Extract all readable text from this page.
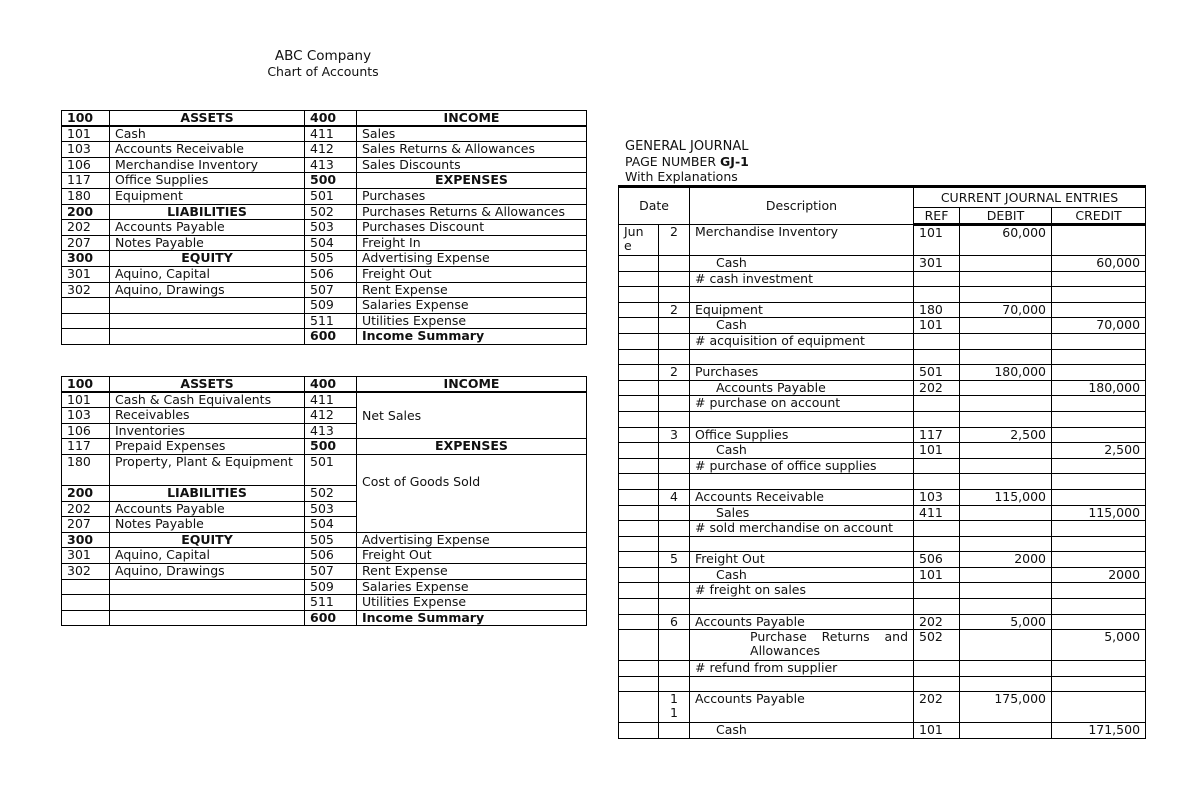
ABC Company
Chart of Accounts
100	ASSETS	400	INCOME
101	Cash	411	Sales
103	Accounts Receivable	412	Sales Returns & Allowances
106	Merchandise Inventory	413	Sales Discounts
117	Office Supplies	500	EXPENSES
180	Equipment	501	Purchases
200	LIABILITIES	502	Purchases Returns & Allowances
202	Accounts Payable	503	Purchases Discount
207	Notes Payable	504	Freight In
300	EQUITY	505	Advertising Expense
301	Aquino, Capital	506	Freight Out
302	Aquino, Drawings	507	Rent Expense
		509	Salaries Expense
		511	Utilities Expense
		600	Income Summary
100	ASSETS	400	INCOME
101	Cash & Cash Equivalents	411	Net Sales
103	Receivables	412	
106	Inventories	413	
117	Prepaid Expenses	500	EXPENSES
180	Property, Plant & Equipment	501	Cost of Goods Sold
200	LIABILITIES	502	
202	Accounts Payable	503	
207	Notes Payable	504	
300	EQUITY	505	Advertising Expense
301	Aquino, Capital	506	Freight Out
302	Aquino, Drawings	507	Rent Expense
		509	Salaries Expense
		511	Utilities Expense
		600	Income Summary
GENERAL JOURNAL
PAGE NUMBER GJ-1
With Explanations
Date		Description	CURRENT JOURNAL ENTRIES		
			REF	DEBIT	CREDIT
Jun e	2	Merchandise Inventory	101	60,000	
		Cash	301		60,000
		# cash investment			

	2	Equipment	180	70,000	
		Cash	101		70,000
		# acquisition of equipment			

	2	Purchases	501	180,000	
		Accounts Payable	202		180,000
		# purchase on account			

	3	Office Supplies	117	2,500	
		Cash	101		2,500
		# purchase of office supplies			

	4	Accounts Receivable	103	115,000	
		Sales	411		115,000
		# sold merchandise on account			

	5	Freight Out	506	2000	
		Cash	101		2000
		# freight on sales			

	6	Accounts Payable	202	5,000	
		Purchase Returns and Allowances	502		5,000
		# refund from supplier			

	1 1	Accounts Payable	202	175,000	
		Cash	101		171,500
